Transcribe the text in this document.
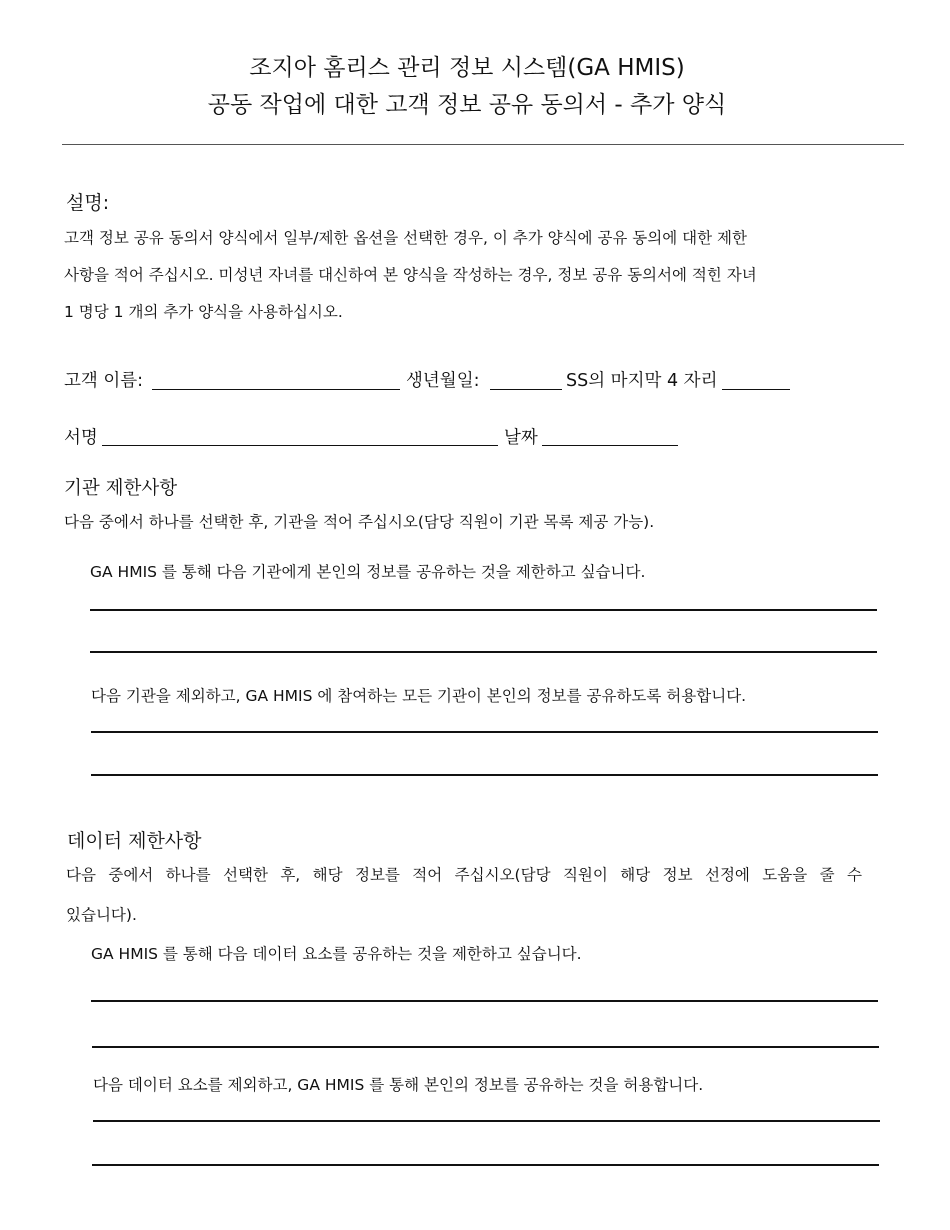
조지아 홈리스 관리 정보 시스템(GA HMIS)
공동 작업에 대한 고객 정보 공유 동의서 - 추가 양식
설명:
고객 정보 공유 동의서 양식에서 일부/제한 옵션을 선택한 경우, 이 추가 양식에 공유 동의에 대한 제한
사항을 적어 주십시오. 미성년 자녀를 대신하여 본 양식을 작성하는 경우, 정보 공유 동의서에 적힌 자녀
1 명당 1 개의 추가 양식을 사용하십시오.
고객 이름:	생년월일:	SS의 마지막 4 자리
서명	날짜
기관 제한사항
다음 중에서 하나를 선택한 후, 기관을 적어 주십시오(담당 직원이 기관 목록 제공 가능).
GA HMIS 를 통해 다음 기관에게 본인의 정보를 공유하는 것을 제한하고 싶습니다.
다음 기관을 제외하고, GA HMIS 에 참여하는 모든 기관이 본인의 정보를 공유하도록 허용합니다.
데이터 제한사항
다음 중에서 하나를 선택한 후, 해당 정보를 적어 주십시오(담당 직원이 해당 정보 선정에 도움을 줄 수
있습니다).
GA HMIS 를 통해 다음 데이터 요소를 공유하는 것을 제한하고 싶습니다.
다음 데이터 요소를 제외하고, GA HMIS 를 통해 본인의 정보를 공유하는 것을 허용합니다.
